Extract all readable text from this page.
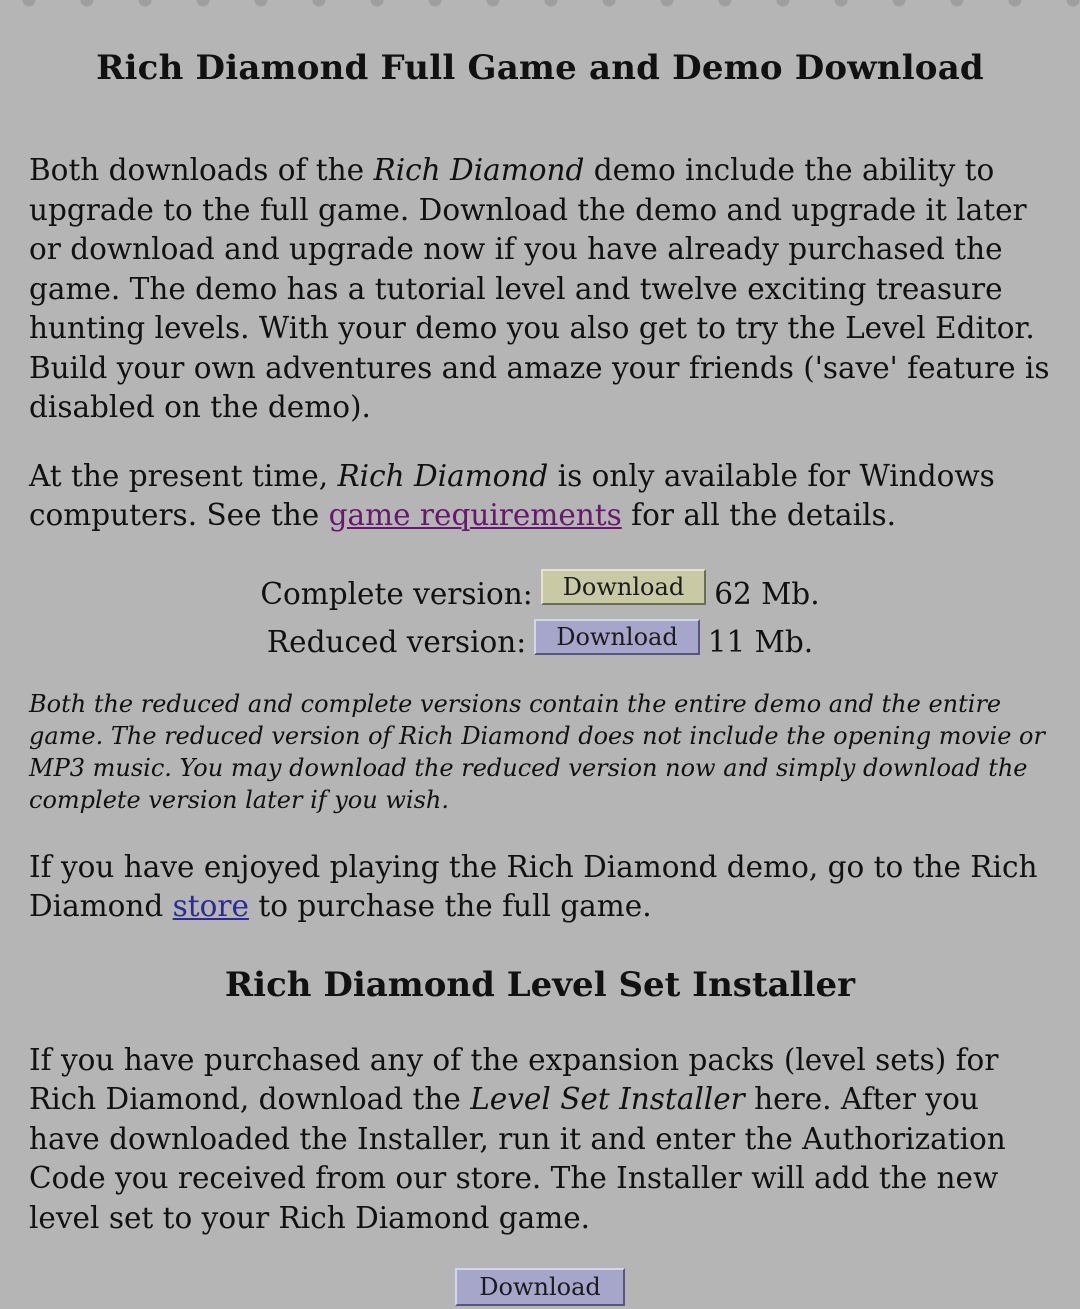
Rich Diamond Full Game and Demo Download

Both downloads of the Rich Diamond demo include the ability to upgrade to the full game. Download the demo and upgrade it later or download and upgrade now if you have already purchased the game. The demo has a tutorial level and twelve exciting treasure hunting levels. With your demo you also get to try the Level Editor. Build your own adventures and amaze your friends ('save' feature is disabled on the demo).

At the present time, Rich Diamond is only available for Windows computers. See the game requirements for all the details.

Complete version:	Download	62 Mb.
Reduced version:	Download	11 Mb.

Both the reduced and complete versions contain the entire demo and the entire game. The reduced version of Rich Diamond does not include the opening movie or MP3 music. You may download the reduced version now and simply download the complete version later if you wish.

If you have enjoyed playing the Rich Diamond demo, go to the Rich Diamond store to purchase the full game.

Rich Diamond Level Set Installer

If you have purchased any of the expansion packs (level sets) for Rich Diamond, download the Level Set Installer here. After you have downloaded the Installer, run it and enter the Authorization Code you received from our store. The Installer will add the new level set to your Rich Diamond game.

Download
